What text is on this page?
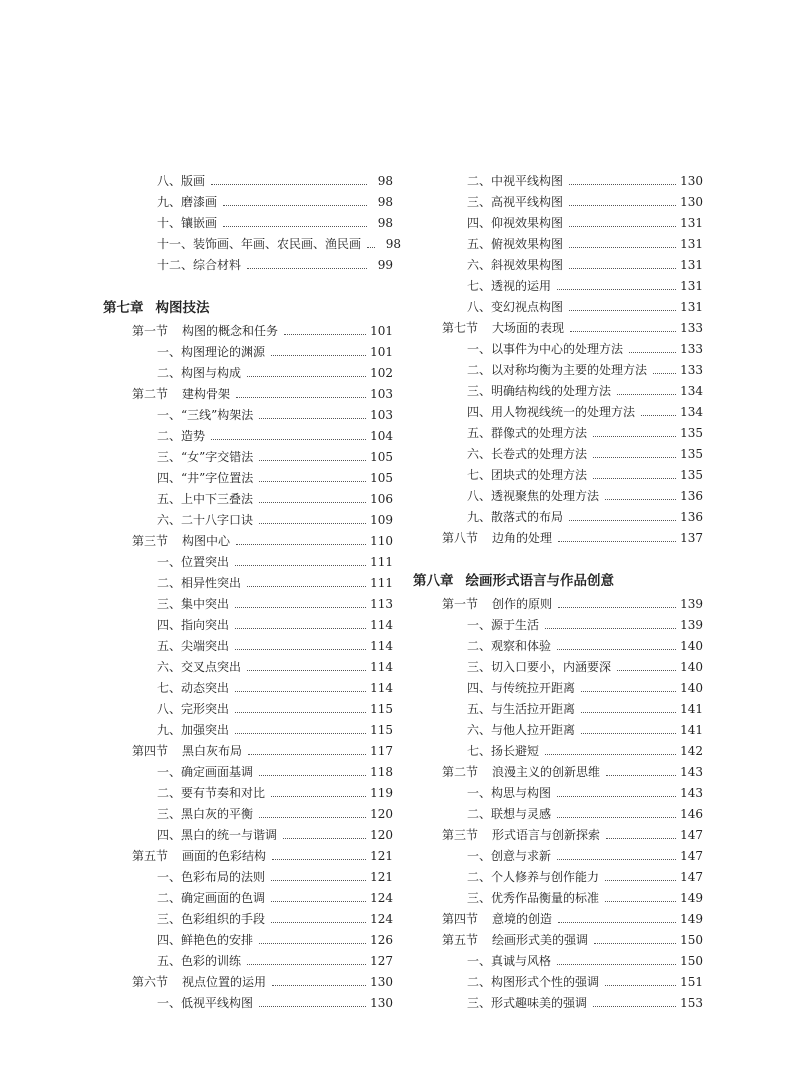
八、版画	98
九、磨漆画	98
十、镶嵌画	98
十一、装饰画、年画、农民画、渔民画	98
十二、综合材料	99
第七章 构图技法
第一节 构图的概念和任务	101
一、构图理论的渊源	101
二、构图与构成	102
第二节 建构骨架	103
一、“三线”构架法	103
二、造势	104
三、“女”字交错法	105
四、“井”字位置法	105
五、上中下三叠法	106
六、二十八字口诀	109
第三节 构图中心	110
一、位置突出	111
二、相异性突出	111
三、集中突出	113
四、指向突出	114
五、尖端突出	114
六、交叉点突出	114
七、动态突出	114
八、完形突出	115
九、加强突出	115
第四节 黑白灰布局	117
一、确定画面基调	118
二、要有节奏和对比	119
三、黑白灰的平衡	120
四、黑白的统一与谐调	120
第五节 画面的色彩结构	121
一、色彩布局的法则	121
二、确定画面的色调	124
三、色彩组织的手段	124
四、鲜艳色的安排	126
五、色彩的训练	127
第六节 视点位置的运用	130
一、低视平线构图	130
二、中视平线构图	130
三、高视平线构图	130
四、仰视效果构图	131
五、俯视效果构图	131
六、斜视效果构图	131
七、透视的运用	131
八、变幻视点构图	131
第七节 大场面的表现	133
一、以事件为中心的处理方法	133
二、以对称均衡为主要的处理方法	133
三、明确结构线的处理方法	134
四、用人物视线统一的处理方法	134
五、群像式的处理方法	135
六、长卷式的处理方法	135
七、团块式的处理方法	135
八、透视聚焦的处理方法	136
九、散落式的布局	136
第八节 边角的处理	137
第八章 绘画形式语言与作品创意
第一节 创作的原则	139
一、源于生活	139
二、观察和体验	140
三、切入口要小，内涵要深	140
四、与传统拉开距离	140
五、与生活拉开距离	141
六、与他人拉开距离	141
七、扬长避短	142
第二节 浪漫主义的创新思维	143
一、构思与构图	143
二、联想与灵感	146
第三节 形式语言与创新探索	147
一、创意与求新	147
二、个人修养与创作能力	147
三、优秀作品衡量的标准	149
第四节 意境的创造	149
第五节 绘画形式美的强调	150
一、真诚与风格	150
二、构图形式个性的强调	151
三、形式趣味美的强调	153
